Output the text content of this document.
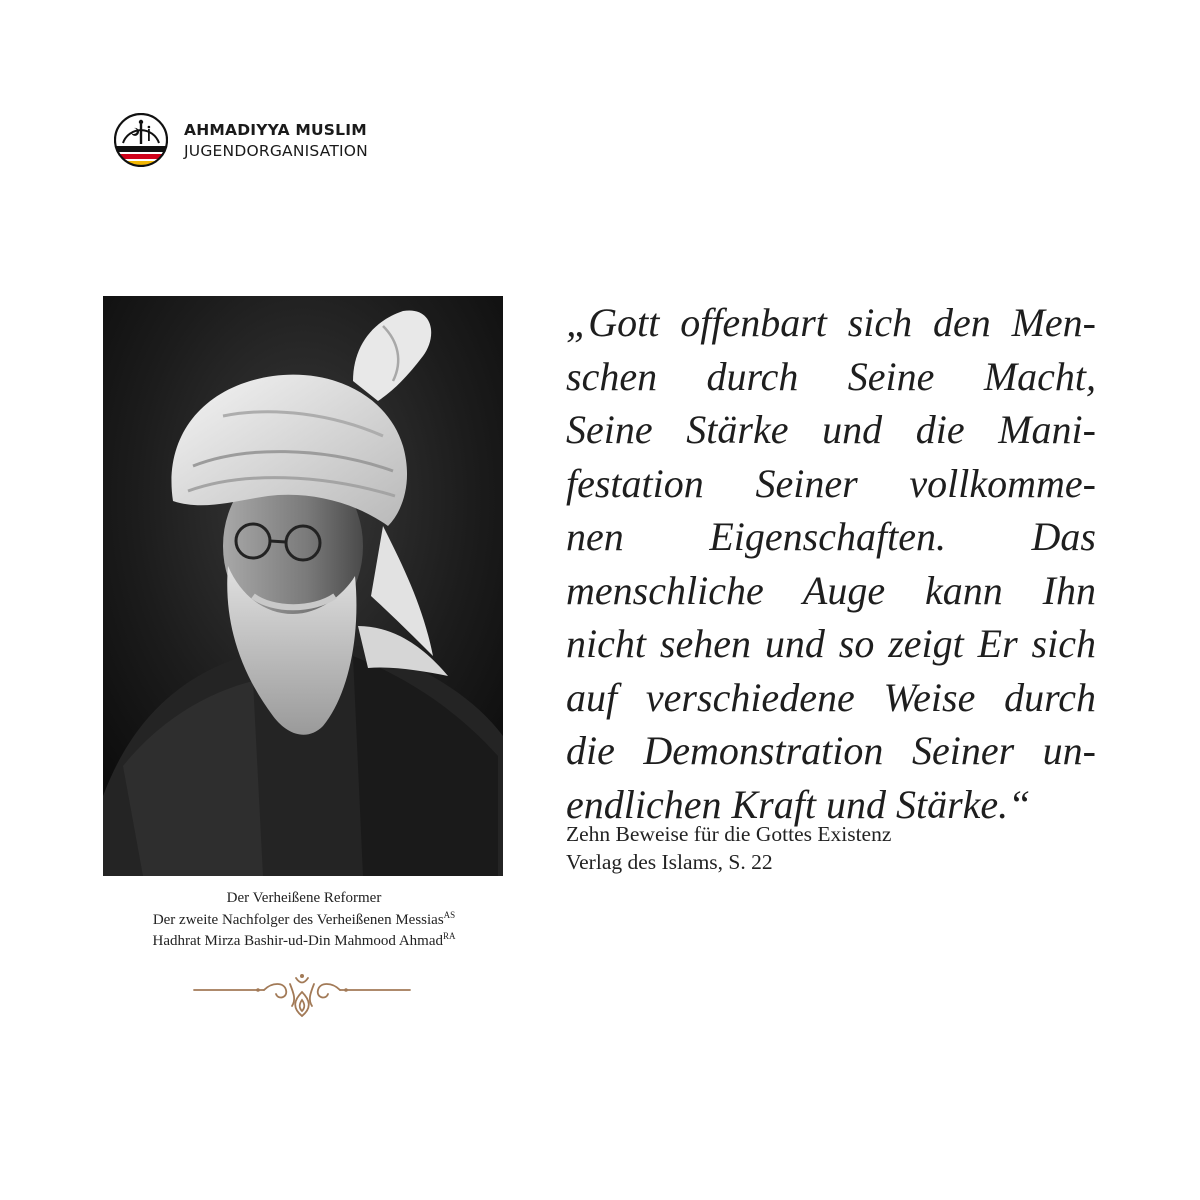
AHMADIYYA MUSLIM
JUGENDORGANISATION
Der Verheißene Reformer
Der zweite Nachfolger des Verheißenen Messias$^{AS}$
Hadhrat Mirza Bashir-ud-Din Mahmood Ahmad$^{RA}$
„Gott offenbart sich den Men-
schen durch Seine Macht,
Seine Stärke und die Mani-
festation Seiner vollkomme-
nen Eigenschaften. Das
menschliche Auge kann Ihn
nicht sehen und so zeigt Er sich
auf verschiedene Weise durch
die Demonstration Seiner un-
endlichen Kraft und Stärke.“
Zehn Beweise für die Gottes Existenz
Verlag des Islams, S. 22
